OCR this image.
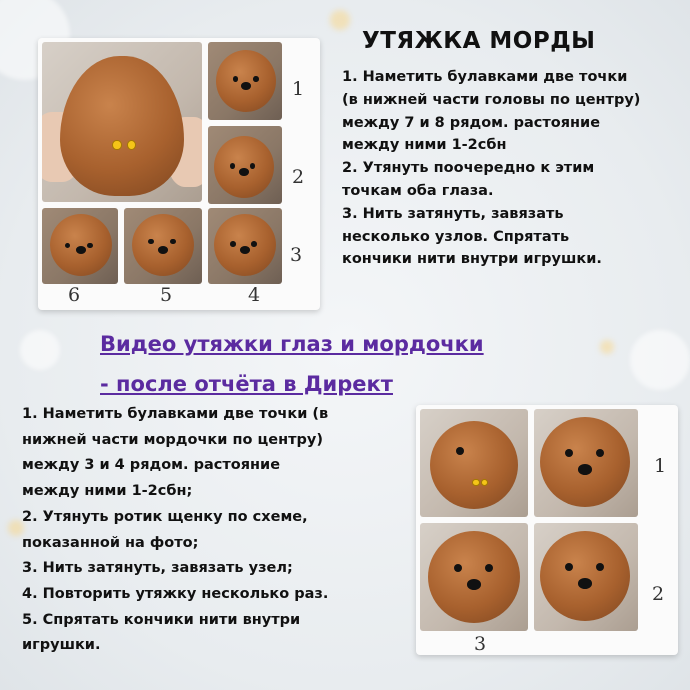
1
2
3
4
5
6
УТЯЖКА МОРДЫ
1. Наметить булавками две точки
(в нижней части головы по центру)
между 7 и 8 рядом. растояние
между ними 1-2сбн
2. Утянуть поочередно к этим
точкам оба глаза.
3. Нить затянуть, завязать
несколько узлов. Спрятать
кончики нити внутри игрушки.
Видео утяжки глаз и мордочки
- после отчёта в Директ
1. Наметить булавками две точки (в
нижней части мордочки по центру)
между 3 и 4 рядом. растояние
между ними 1-2сбн;
2. Утянуть ротик щенку по схеме,
показанной на фото;
3. Нить затянуть, завязать узел;
4. Повторить утяжку несколько раз.
5. Спрятать кончики нити внутри
игрушки.
1
2
3
